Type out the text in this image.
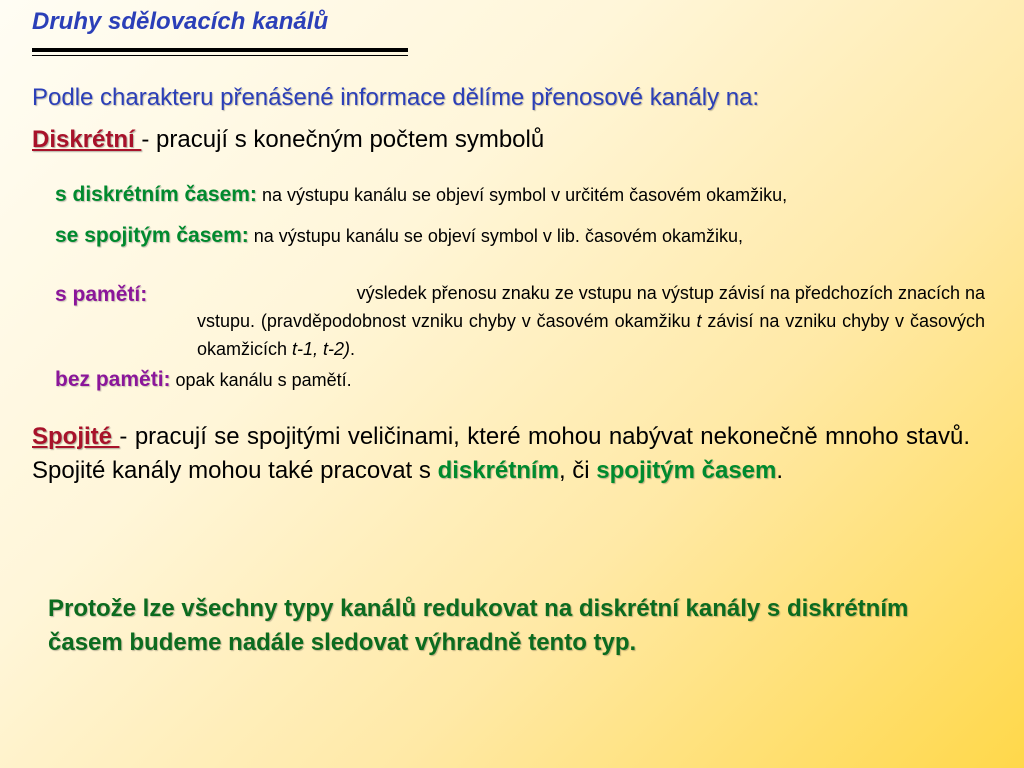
Druhy sdělovacích kanálů
Podle charakteru přenášené informace dělíme přenosové kanály na:
Diskrétní - pracují s konečným počtem symbolů
s diskrétním časem: na výstupu kanálu se objeví symbol v určitém časovém okamžiku,
se spojitým časem: na výstupu kanálu se objeví symbol v lib. časovém okamžiku,
s pamětí:	výsledek přenosu znaku ze vstupu na výstup závisí na předchozích znacích na
vstupu. (pravděpodobnost vzniku chyby v časovém okamžiku t závisí na vzniku chyby v časových okamžicích t-1, t-2).
bez paměti: opak kanálu s pamětí.
Spojité - pracují se spojitými veličinami, které mohou nabývat nekonečně mnoho stavů. Spojité kanály mohou také pracovat s diskrétním, či spojitým časem.
Protože lze všechny typy kanálů redukovat na diskrétní kanály s diskrétním časem budeme nadále sledovat výhradně tento typ.
